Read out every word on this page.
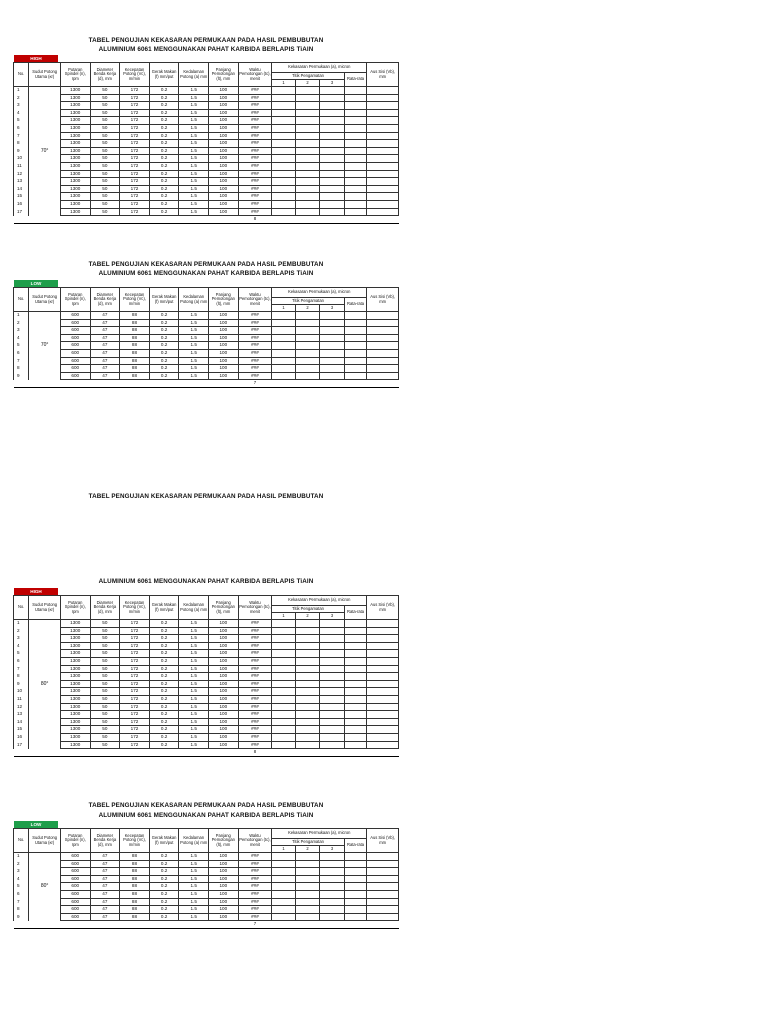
TABEL PENGUJIAN KEKASARAN PERMUKAAN PADA HASIL PEMBUBUTAN
ALUMINIUM 6061 MENGGUNAKAN PAHAT KARBIDA BERLAPIS TiAlN
HIGH
No.	Sudut Potong Utama (κr)	Putaran Spindel (n), rpm	Diameter Benda Kerja (d), mm	Kecepatan Potong (Vc), m/min	Gerak Makan (f) mm/put	Kedalaman Potong (a) mm	Panjang Pemotongan (lt), mm	Waktu Pemotongan (tc), menit	Kekasaran Permukaan (a), micron				Aus Sisi (Vb), mm
									Titik Pengamatan			Rata-rata	
									1	2	3		
1		1300	50	172	0.2	1.5	100	###					
2		1300	50	172	0.2	1.5	100	###					
3		1300	50	172	0.2	1.5	100	###					
4		1300	50	172	0.2	1.5	100	###					
5		1300	50	172	0.2	1.5	100	###					
6		1300	50	172	0.2	1.5	100	###					
7		1300	50	172	0.2	1.5	100	###					
8		1300	50	172	0.2	1.5	100	###					
9	70°	1300	50	172	0.2	1.5	100	###					
10		1300	50	172	0.2	1.5	100	###					
11		1300	50	172	0.2	1.5	100	###					
12		1300	50	172	0.2	1.5	100	###					
13		1300	50	172	0.2	1.5	100	###					
14		1300	50	172	0.2	1.5	100	###					
15		1300	50	172	0.2	1.5	100	###					
16		1300	50	172	0.2	1.5	100	###					
17		1300	50	172	0.2	1.5	100	###					
								8					
TABEL PENGUJIAN KEKASARAN PERMUKAAN PADA HASIL PEMBUBUTAN
ALUMINIUM 6061 MENGGUNAKAN PAHAT KARBIDA BERLAPIS TiAlN
LOW
No.	Sudut Potong Utama (κr)	Putaran Spindel (n), rpm	Diameter Benda Kerja (d), mm	Kecepatan Potong (Vc), m/min	Gerak Makan (f) mm/put	Kedalaman Potong (a) mm	Panjang Pemotongan (lt), mm	Waktu Pemotongan (tc), menit	Kekasaran Permukaan (a), micron				Aus Sisi (Vb), mm
									Titik Pengamatan			Rata-rata	
									1	2	3		
1		600	47	88	0.2	1.5	100	###					
2		600	47	88	0.2	1.5	100	###					
3		600	47	88	0.2	1.5	100	###					
4		600	47	88	0.2	1.5	100	###					
5	70°	600	47	88	0.2	1.5	100	###					
6		600	47	88	0.2	1.5	100	###					
7		600	47	88	0.2	1.5	100	###					
8		600	47	88	0.2	1.5	100	###					
9		600	47	88	0.2	1.5	100	###					
								7					
TABEL PENGUJIAN KEKASARAN PERMUKAAN PADA HASIL PEMBUBUTAN
HIGH
ALUMINIUM 6061 MENGGUNAKAN PAHAT KARBIDA BERLAPIS TiAlN
No.	Sudut Potong Utama (κr)	Putaran Spindel (n), rpm	Diameter Benda Kerja (d), mm	Kecepatan Potong (Vc), m/min	Gerak Makan (f) mm/put	Kedalaman Potong (a) mm	Panjang Pemotongan (lt), mm	Waktu Pemotongan (tc), menit	Kekasaran Permukaan (a), micron				Aus Sisi (Vb), mm
									Titik Pengamatan			Rata-rata	
									1	2	3		
1		1300	50	172	0.2	1.5	100	###					
2		1300	50	172	0.2	1.5	100	###					
3		1300	50	172	0.2	1.5	100	###					
4		1300	50	172	0.2	1.5	100	###					
5		1300	50	172	0.2	1.5	100	###					
6		1300	50	172	0.2	1.5	100	###					
7		1300	50	172	0.2	1.5	100	###					
8		1300	50	172	0.2	1.5	100	###					
9	80°	1300	50	172	0.2	1.5	100	###					
10		1300	50	172	0.2	1.5	100	###					
11		1300	50	172	0.2	1.5	100	###					
12		1300	50	172	0.2	1.5	100	###					
13		1300	50	172	0.2	1.5	100	###					
14		1300	50	172	0.2	1.5	100	###					
15		1300	50	172	0.2	1.5	100	###					
16		1300	50	172	0.2	1.5	100	###					
17		1300	50	172	0.2	1.5	100	###					
								8					
TABEL PENGUJIAN KEKASARAN PERMUKAAN PADA HASIL PEMBUBUTAN
ALUMINIUM 6061 MENGGUNAKAN PAHAT KARBIDA BERLAPIS TiAlN
LOW
No.	Sudut Potong Utama (κr)	Putaran Spindel (n), rpm	Diameter Benda Kerja (d), mm	Kecepatan Potong (Vc), m/min	Gerak Makan (f) mm/put	Kedalaman Potong (a) mm	Panjang Pemotongan (lt), mm	Waktu Pemotongan (tc), menit	Kekasaran Permukaan (a), micron				Aus Sisi (Vb), mm
									Titik Pengamatan			Rata-rata	
									1	2	3		
1		600	47	88	0.2	1.5	100	###					
2		600	47	88	0.2	1.5	100	###					
3		600	47	88	0.2	1.5	100	###					
4		600	47	88	0.2	1.5	100	###					
5	80°	600	47	88	0.2	1.5	100	###					
6		600	47	88	0.2	1.5	100	###					
7		600	47	88	0.2	1.5	100	###					
8		600	47	88	0.2	1.5	100	###					
9		600	47	88	0.2	1.5	100	###					
								7					
